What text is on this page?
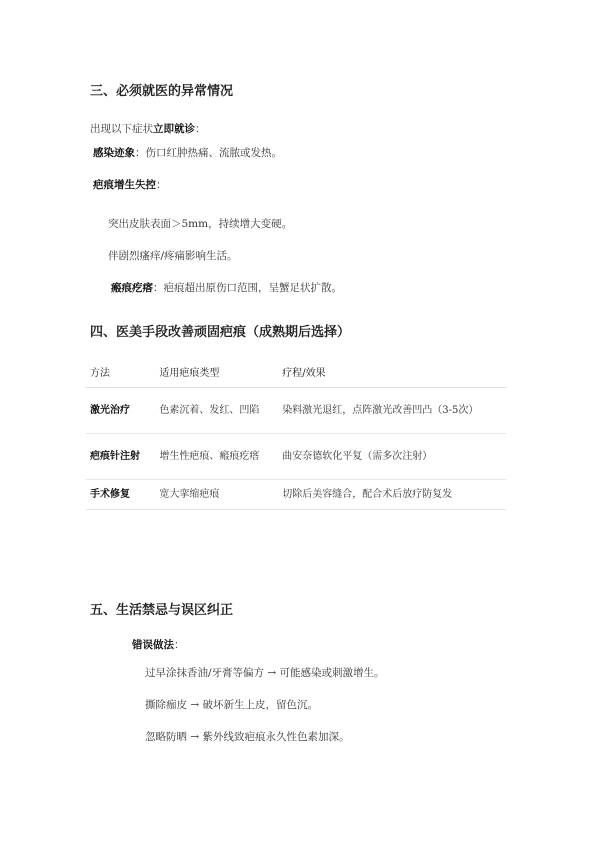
三、必须就医的异常情况
出现以下症状立即就诊：
感染迹象：伤口红肿热痛、流脓或发热。
疤痕增生失控：
突出皮肤表面＞5mm，持续增大变硬。
伴剧烈瘙痒/疼痛影响生活。
瘢痕疙瘩：疤痕超出原伤口范围，呈蟹足状扩散。
四、医美手段改善顽固疤痕（成熟期后选择）
方法	适用疤痕类型	疗程/效果
激光治疗	色素沉着、发红、凹陷	染料激光退红，点阵激光改善凹凸（3-5次）
疤痕针注射	增生性疤痕、瘢痕疙瘩	曲安奈德软化平复（需多次注射）
手术修复	宽大挛缩疤痕	切除后美容缝合，配合术后放疗防复发
五、生活禁忌与误区纠正
错误做法：
过早涂抹香油/牙膏等偏方 → 可能感染或刺激增生。
撕除痂皮 → 破坏新生上皮，留色沉。
忽略防晒 → 紫外线致疤痕永久性色素加深。
